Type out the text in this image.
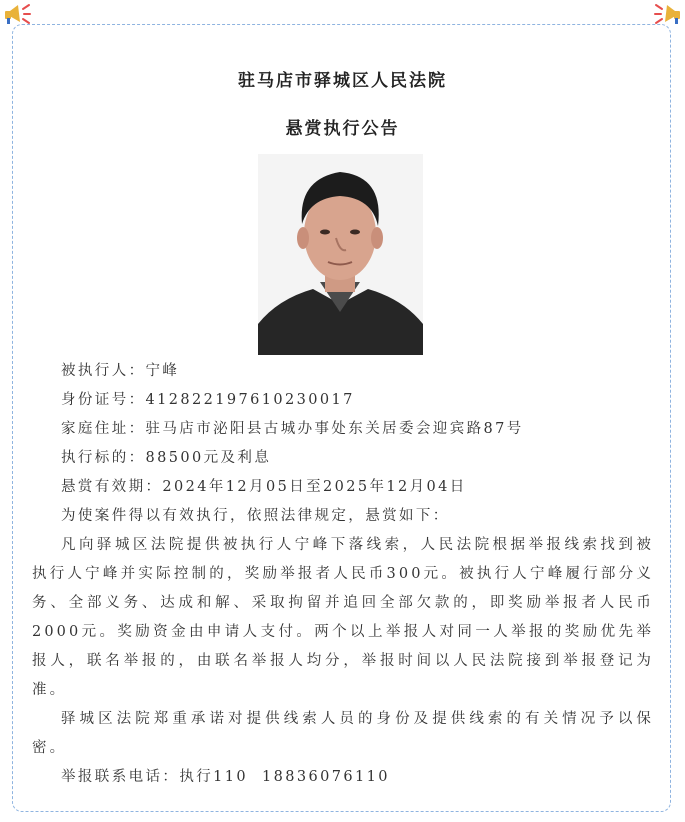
驻马店市驿城区人民法院
悬赏执行公告

被执行人：宁峰

身份证号：412822197610230017

家庭住址：驻马店市泌阳县古城办事处东关居委会迎宾路87号

执行标的：88500元及利息

悬赏有效期：2024年12月05日至2025年12月04日

为使案件得以有效执行，依照法律规定，悬赏如下：

凡向驿城区法院提供被执行人宁峰下落线索，人民法院根据举报线索找到被执行人宁峰并实际控制的，奖励举报者人民币300元。被执行人宁峰履行部分义务、全部义务、达成和解、采取拘留并追回全部欠款的，即奖励举报者人民币2000元。奖励资金由申请人支付。两个以上举报人对同一人举报的奖励优先举报人，联名举报的，由联名举报人均分，举报时间以人民法院接到举报登记为准。

驿城区法院郑重承诺对提供线索人员的身份及提供线索的有关情况予以保密。

举报联系电话：执行110  18836076110
